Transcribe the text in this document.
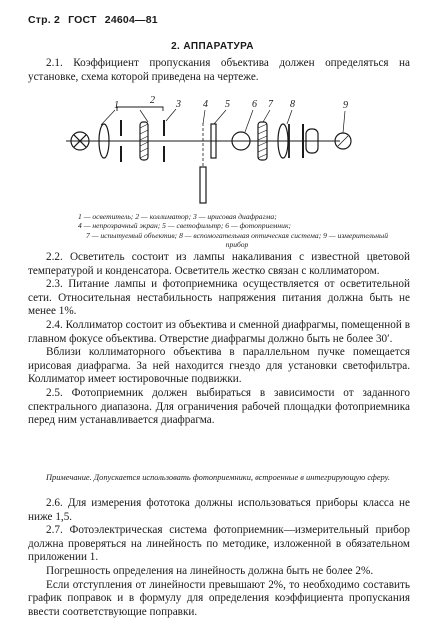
Стр. 2 ГОСТ 24604—81
2. АППАРАТУРА

2.1. Коэффициент пропускания объектива должен определяться на установке, схема которой приведена на чертеже.

1	2 3 4 5 6 7 8	9

1 — осветитель; 2 — коллиматор; 3 — ирисовая диафрагма;

4 — непрозрачный экран; 5 — светофильтр; 6 — фотоприемник;

7 — испытуемый объектив; 8 — вспомогательная оптическая система; 9 — измерительный прибор

2.2. Осветитель состоит из лампы накаливания с известной цветовой температурой и конденсатора. Осветитель жестко связан с коллиматором.

2.3. Питание лампы и фотоприемника осуществляется от осветительной сети. Относительная нестабильность напряжения питания должна быть не менее 1%.

2.4. Коллиматор состоит из объектива и сменной диафрагмы, помещенной в главном фокусе объектива. Отверстие диафрагмы должно быть не более 30′.

Вблизи коллиматорного объектива в параллельном пучке помещается ирисовая диафрагма. За ней находится гнездо для установки светофильтра. Коллиматор имеет юстировочные подвижки.

2.5. Фотоприемник должен выбираться в зависимости от заданного спектрального диапазона. Для ограничения рабочей площадки фотоприемника перед ним устанавливается диафрагма.

Примечание. Допускается использовать фотоприемники, встроенные в интегрирующую сферу.

2.6. Для измерения фототока должны использоваться приборы класса не ниже 1,5.

2.7. Фотоэлектрическая система фотоприемник—измерительный прибор должна проверяться на линейность по методике, изложенной в обязательном приложении 1.

Погрешность определения на линейность должна быть не более 2%.

Если отступления от линейности превышают 2%, то необходимо составить график поправок и в формулу для определения коэффициента пропускания ввести соответствующие поправки.
